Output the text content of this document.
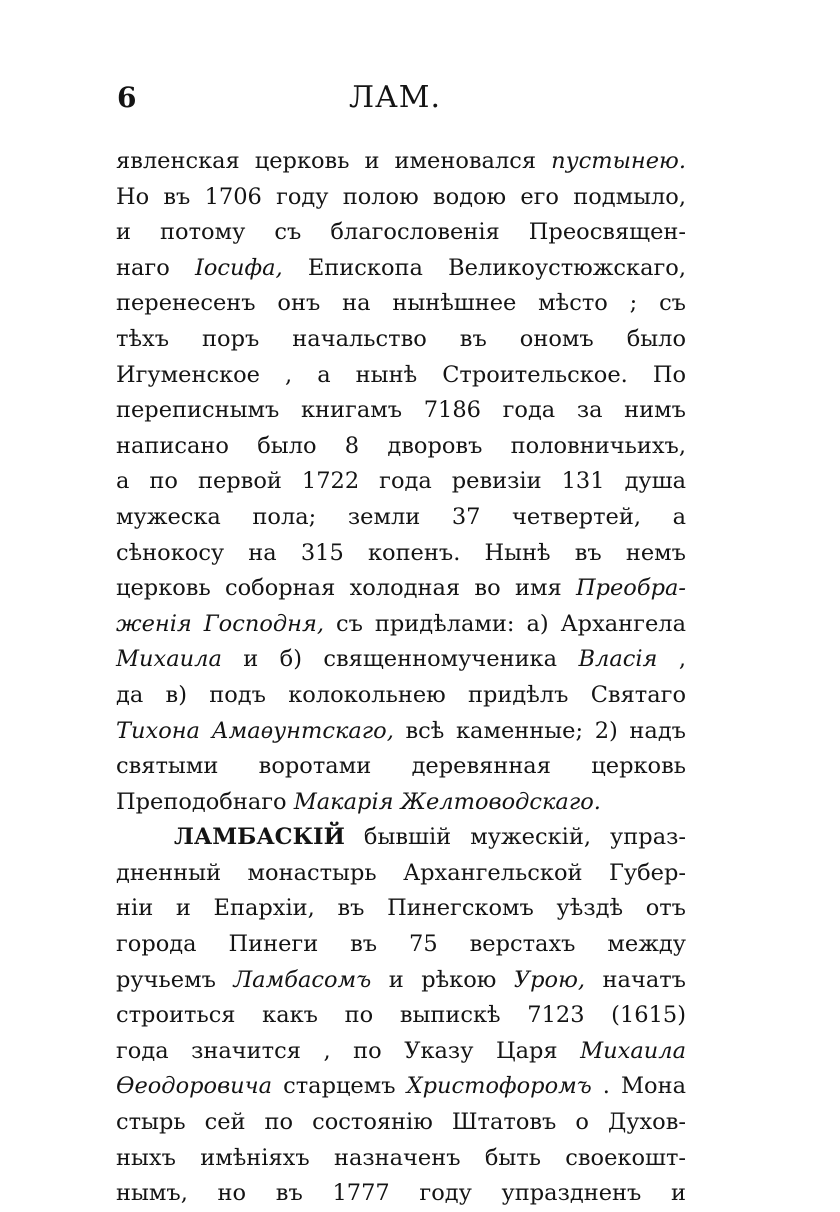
6	ЛАМ.
явленская церковь и именовался пустынею.
Но въ 1706 году полою водою его подмыло,
и потому съ благословенія Преосвящен-
наго Іосифа, Епископа Великоустюжскаго,
перенесенъ онъ на нынѣшнее мѣсто ; съ
тѣхъ поръ начальство въ ономъ было
Игуменское , а нынѣ Строительское. По
переписнымъ книгамъ 7186 года за нимъ
написано было 8 дворовъ половничьихъ,
а по первой 1722 года ревизіи 131 душа
мужеска пола; земли 37 четвертей, а
сѣнокосу на 315 копенъ. Нынѣ въ немъ
церковь соборная холодная во имя Преобра-
женія Господня, съ придѣлами: а) Архангела
Михаила и б) священномученика Власія ,
да в) подъ колокольнею придѣлъ Святаго
Тихона Амаѳунтскаго, всѣ каменные; 2) надъ
святыми воротами деревянная церковь
Преподобнаго Макарія Желтоводскаго.
ЛАМБАСКІЙ бывшій мужескій, упраз-
дненный монастырь Архангельской Губер-
ніи и Епархіи, въ Пинегскомъ уѣздѣ отъ
города Пинеги въ 75 верстахъ между
ручьемъ Ламбасомъ и рѣкою Урою, начатъ
строиться какъ по выпискѣ 7123 (1615)
года значится , по Указу Царя Михаила
Ѳеодоровича старцемъ Христофоромъ . Мона
стырь сей по состоянію Штатовъ о Духов-
ныхъ имѣніяхъ назначенъ быть своекошт-
нымъ, но въ 1777 году упраздненъ и
